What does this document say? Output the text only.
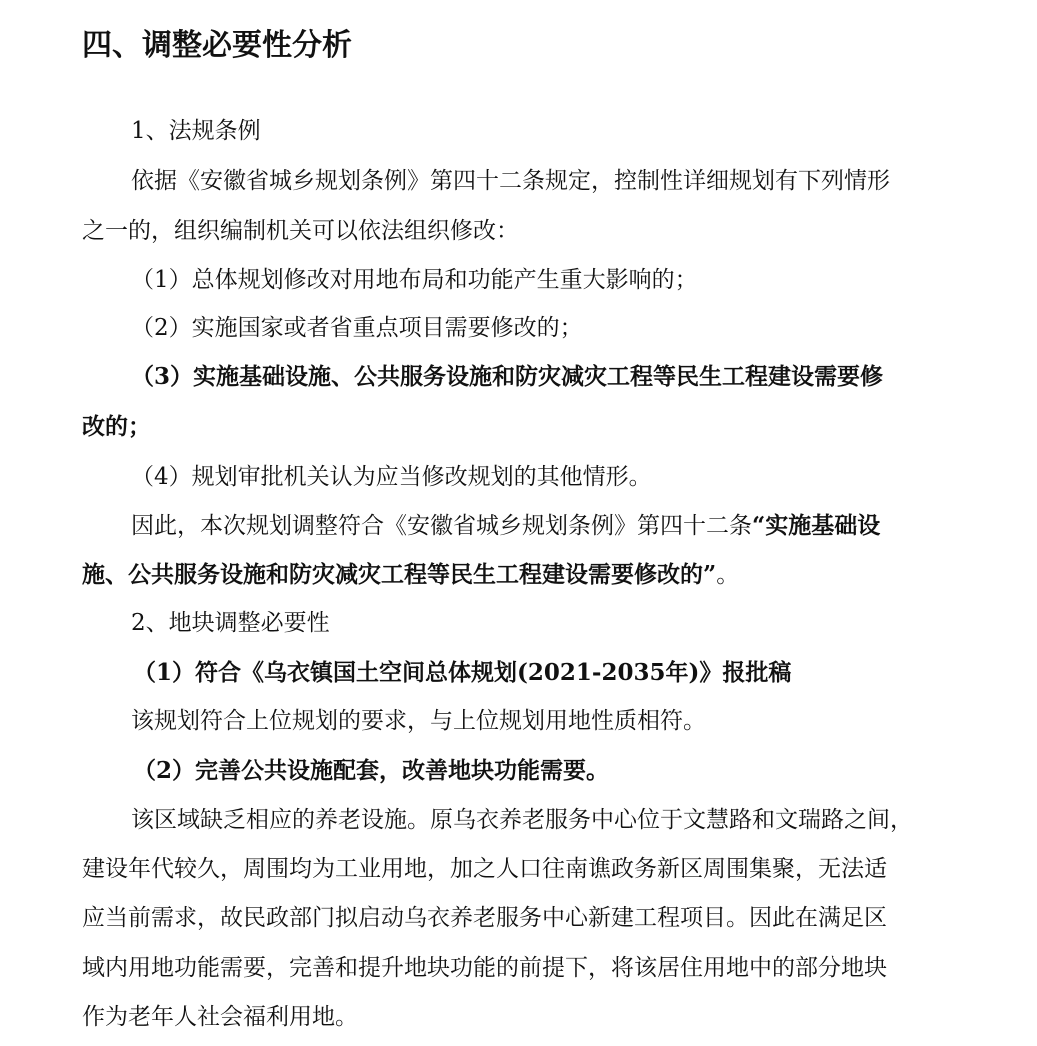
四、调整必要性分析

1、法规条例

依据《安徽省城乡规划条例》第四十二条规定，控制性详细规划有下列情形

之一的，组织编制机关可以依法组织修改：

（1）总体规划修改对用地布局和功能产生重大影响的；

（2）实施国家或者省重点项目需要修改的；

（3）实施基础设施、公共服务设施和防灾减灾工程等民生工程建设需要修

改的；

（4）规划审批机关认为应当修改规划的其他情形。

因此，本次规划调整符合《安徽省城乡规划条例》第四十二条“实施基础设

施、公共服务设施和防灾减灾工程等民生工程建设需要修改的”。

2、地块调整必要性

（1）符合《乌衣镇国土空间总体规划(2021-2035年)》报批稿

该规划符合上位规划的要求，与上位规划用地性质相符。

（2）完善公共设施配套，改善地块功能需要。

该区域缺乏相应的养老设施。原乌衣养老服务中心位于文慧路和文瑞路之间，

建设年代较久，周围均为工业用地，加之人口往南谯政务新区周围集聚，无法适

应当前需求，故民政部门拟启动乌衣养老服务中心新建工程项目。因此在满足区

域内用地功能需要，完善和提升地块功能的前提下，将该居住用地中的部分地块

作为老年人社会福利用地。
